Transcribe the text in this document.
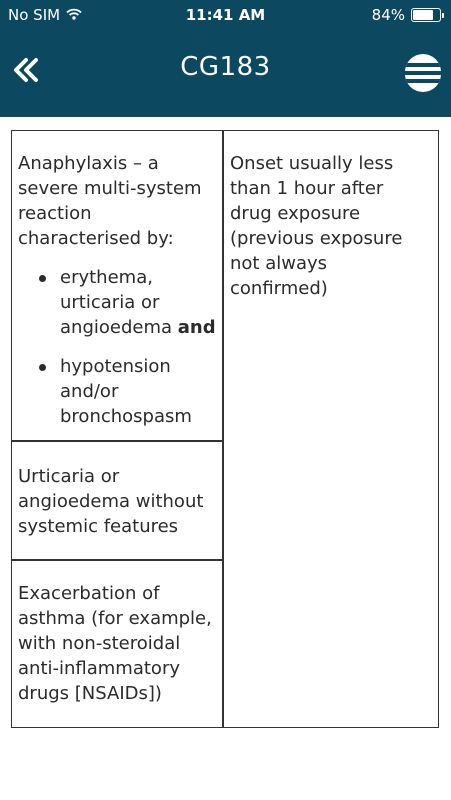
No SIM	11:41 AM	84%
CG183
Anaphylaxis – a severe multi-system reaction characterised by:
erythema, urticaria or angioedema and
hypotension and/or bronchospasm
Urticaria or angioedema without systemic features
Exacerbation of asthma (for example, with non-steroidal anti-inflammatory drugs [NSAIDs])
Onset usually less than 1 hour after drug exposure (previous exposure not always confirmed)
